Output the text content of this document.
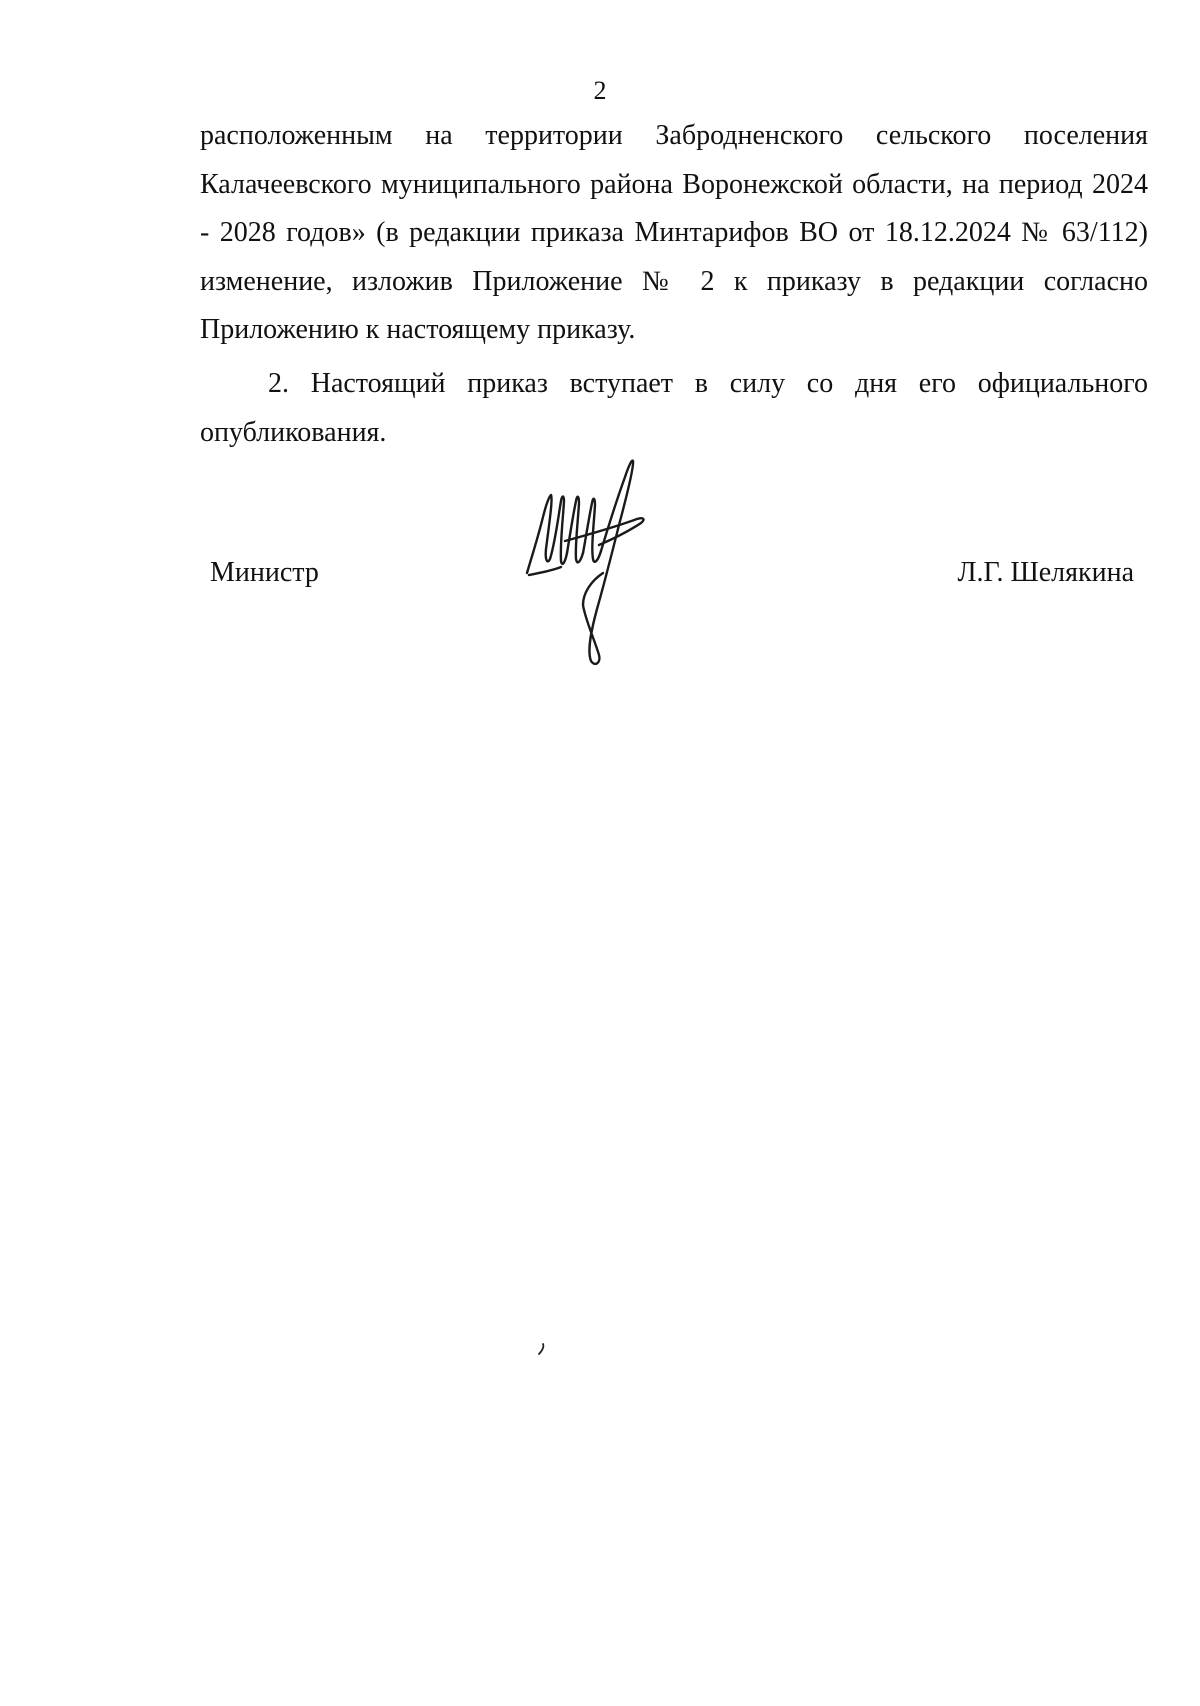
2
расположенным на территории Забродненского сельского поселения
Калачеевского муниципального района Воронежской области, на период 2024
- 2028 годов» (в редакции приказа Минтарифов ВО от 18.12.2024 № 63/112)
изменение, изложив Приложение № 2 к приказу в редакции согласно
Приложению к настоящему приказу.
2. Настоящий приказ вступает в силу со дня его официального
опубликования.
Министр	Л.Г. Шелякина
